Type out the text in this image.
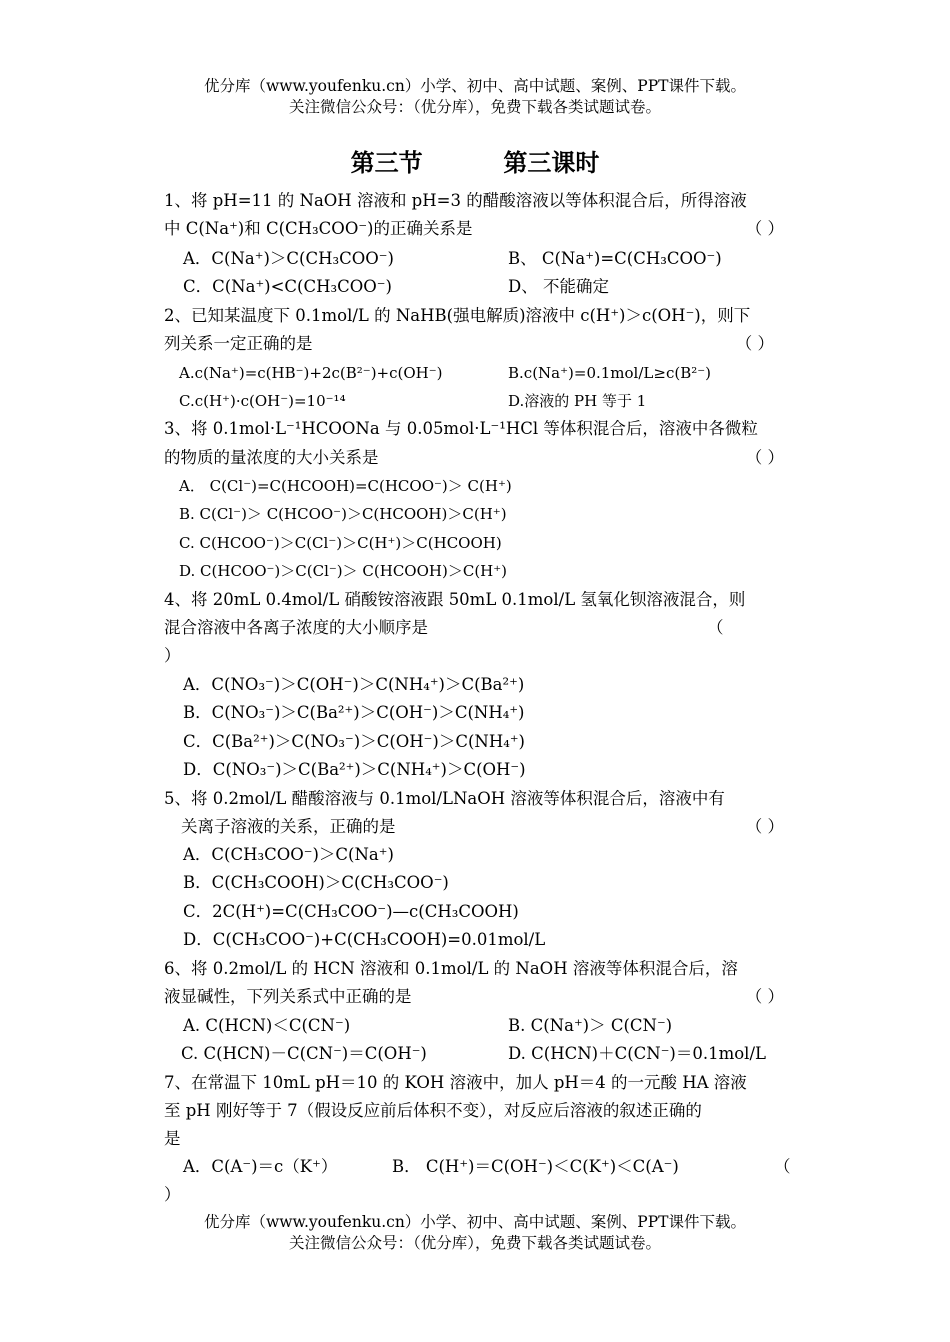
优分库（www.youfenku.cn）小学、初中、高中试题、案例、PPT课件下载。
关注微信公众号：（优分库），免费下载各类试题试卷。
第三节	第三课时
1、将 pH=11 的 NaOH 溶液和 pH=3 的醋酸溶液以等体积混合后，所得溶液
中 C(Na⁺)和 C(CH₃COO⁻)的正确关系是	（ ）
A．C(Na⁺)＞C(CH₃COO⁻)	B、 C(Na⁺)=C(CH₃COO⁻)
C．C(Na⁺)<C(CH₃COO⁻)	D、 不能确定
2、已知某温度下 0.1mol/L 的 NaHB(强电解质)溶液中 c(H⁺)＞c(OH⁻)，则下
列关系一定正确的是	（ ）
A.c(Na⁺)=c(HB⁻)+2c(B²⁻)+c(OH⁻)	B.c(Na⁺)=0.1mol/L≥c(B²⁻)
C.c(H⁺)·c(OH⁻)=10⁻¹⁴	D.溶液的 PH 等于 1
3、将 0.1mol·L⁻¹HCOONa 与 0.05mol·L⁻¹HCl 等体积混合后，溶液中各微粒
的物质的量浓度的大小关系是	（ ）
A． C(Cl⁻)=C(HCOOH)=C(HCOO⁻)＞ C(H⁺)
B. C(Cl⁻)＞ C(HCOO⁻)＞C(HCOOH)＞C(H⁺)
C. C(HCOO⁻)＞C(Cl⁻)＞C(H⁺)＞C(HCOOH)
D. C(HCOO⁻)＞C(Cl⁻)＞ C(HCOOH)＞C(H⁺)
4、将 20mL 0.4mol/L 硝酸铵溶液跟 50mL 0.1mol/L 氢氧化钡溶液混合，则
混合溶液中各离子浓度的大小顺序是	（
）
A．C(NO₃⁻)＞C(OH⁻)＞C(NH₄⁺)＞C(Ba²⁺)
B．C(NO₃⁻)＞C(Ba²⁺)＞C(OH⁻)＞C(NH₄⁺)
C．C(Ba²⁺)＞C(NO₃⁻)＞C(OH⁻)＞C(NH₄⁺)
D．C(NO₃⁻)＞C(Ba²⁺)＞C(NH₄⁺)＞C(OH⁻)
5、将 0.2mol/L 醋酸溶液与 0.1mol/LNaOH 溶液等体积混合后，溶液中有
关离子溶液的关系，正确的是	（ ）
A．C(CH₃COO⁻)＞C(Na⁺)
B．C(CH₃COOH)＞C(CH₃COO⁻)
C．2C(H⁺)=C(CH₃COO⁻)—c(CH₃COOH)
D．C(CH₃COO⁻)+C(CH₃COOH)=0.01mol/L
6、将 0.2mol/L 的 HCN 溶液和 0.1mol/L 的 NaOH 溶液等体积混合后，溶
液显碱性，下列关系式中正确的是	（ ）
A. C(HCN)＜C(CN⁻)	B. C(Na⁺)＞ C(CN⁻)
C. C(HCN)－C(CN⁻)＝C(OH⁻)	D. C(HCN)＋C(CN⁻)＝0.1mol/L
7、在常温下 10mL pH＝10 的 KOH 溶液中，加人 pH＝4 的一元酸 HA 溶液
至 pH 刚好等于 7（假设反应前后体积不变），对反应后溶液的叙述正确的
是
A．C(A⁻)＝c（K⁺）	B． C(H⁺)＝C(OH⁻)＜C(K⁺)＜C(A⁻)	（
）
优分库（www.youfenku.cn）小学、初中、高中试题、案例、PPT课件下载。
关注微信公众号：（优分库），免费下载各类试题试卷。
